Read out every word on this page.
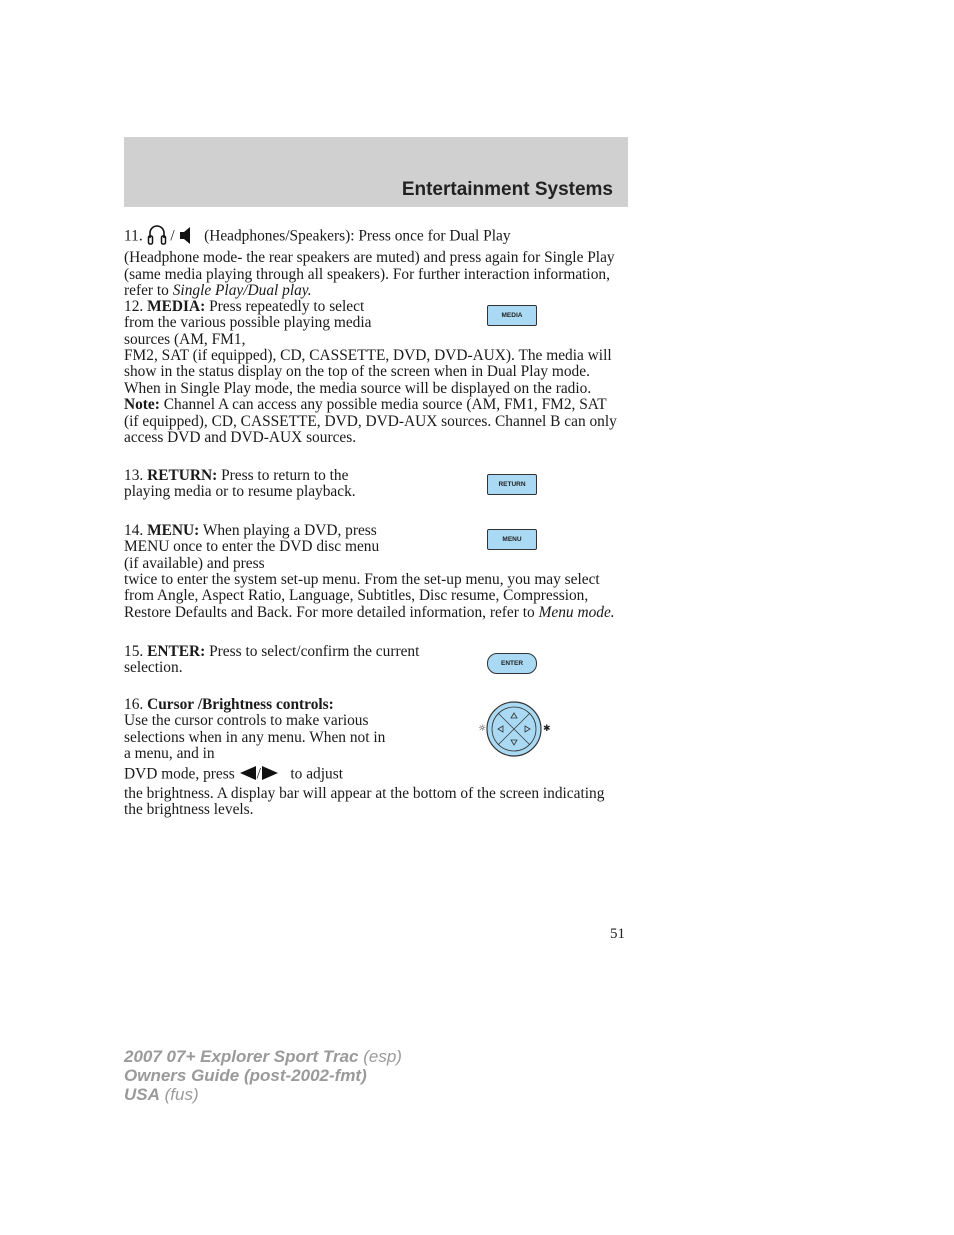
Entertainment Systems
11. / (Headphones/Speakers): Press once for Dual Play
(Headphone mode- the rear speakers are muted) and press again for Single Play (same media playing through all speakers). For further interaction information, refer to Single Play/Dual play.
12. MEDIA: Press repeatedly to select from the various possible playing media sources (AM, FM1,
MEDIA
FM2, SAT (if equipped), CD, CASSETTE, DVD, DVD-AUX). The media will show in the status display on the top of the screen when in Dual Play mode. When in Single Play mode, the media source will be displayed on the radio.
Note: Channel A can access any possible media source (AM, FM1, FM2, SAT (if equipped), CD, CASSETTE, DVD, DVD-AUX sources. Channel B can only access DVD and DVD-AUX sources.
13. RETURN: Press to return to the playing media or to resume playback.	RETURN
14. MENU: When playing a DVD, press MENU once to enter the DVD disc menu (if available) and press
MENU
twice to enter the system set-up menu. From the set-up menu, you may select from Angle, Aspect Ratio, Language, Subtitles, Disc resume, Compression, Restore Defaults and Back. For more detailed information, refer to Menu mode.
15. ENTER: Press to select/confirm the current selection.	ENTER
16. Cursor /Brightness controls:
Use the cursor controls to make various selections when in any menu. When not in a menu, and in
DVD mode, press / to adjust
the brightness. A display bar will appear at the bottom of the screen indicating the brightness levels.
☼	✱
51
2007 07+ Explorer Sport Trac (esp)
Owners Guide (post-2002-fmt)
USA (fus)
